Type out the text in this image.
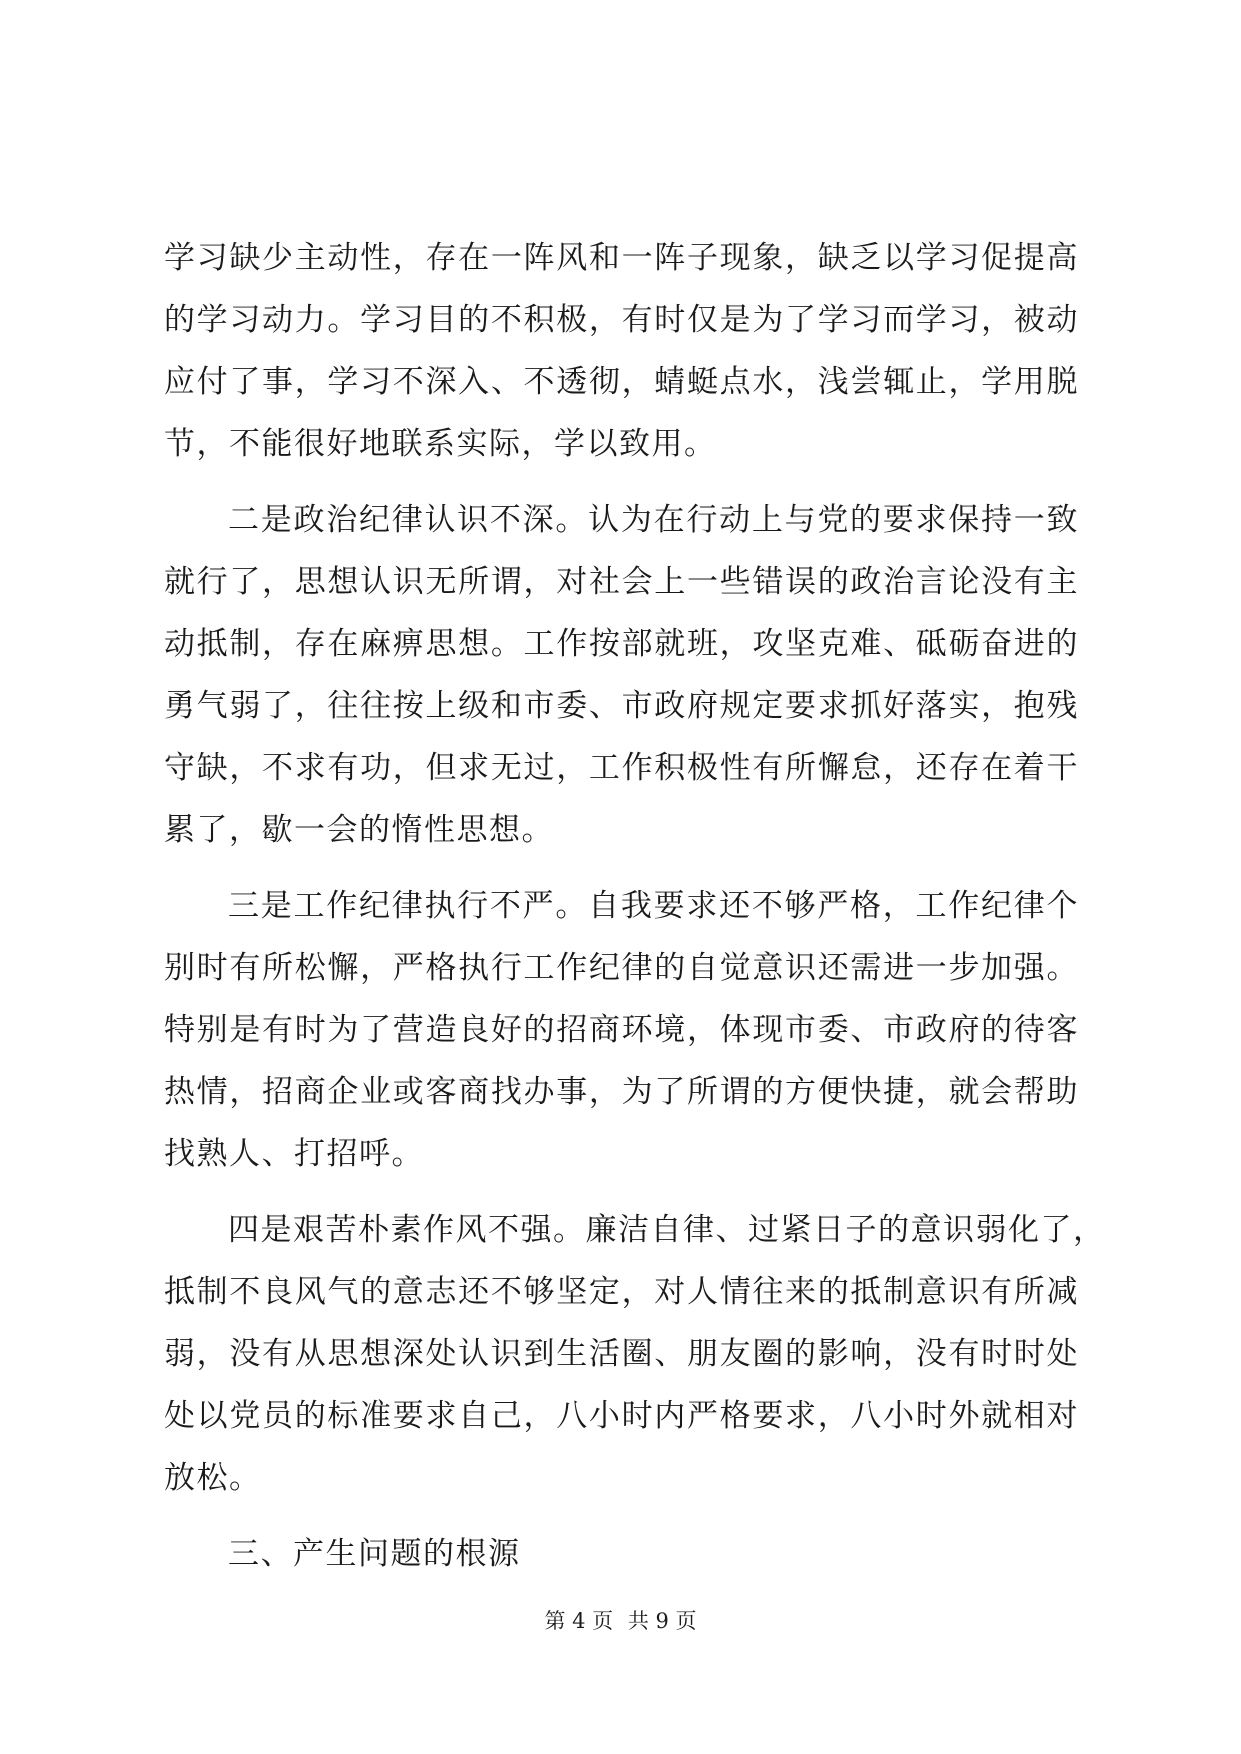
学习缺少主动性，存在一阵风和一阵子现象，缺乏以学习促提高
的学习动力。学习目的不积极，有时仅是为了学习而学习，被动
应付了事，学习不深入、不透彻，蜻蜓点水，浅尝辄止，学用脱
节，不能很好地联系实际，学以致用。
二是政治纪律认识不深。认为在行动上与党的要求保持一致
就行了，思想认识无所谓，对社会上一些错误的政治言论没有主
动抵制，存在麻痹思想。工作按部就班，攻坚克难、砥砺奋进的
勇气弱了，往往按上级和市委、市政府规定要求抓好落实，抱残
守缺，不求有功，但求无过，工作积极性有所懈怠，还存在着干
累了，歇一会的惰性思想。
三是工作纪律执行不严。自我要求还不够严格，工作纪律个
别时有所松懈，严格执行工作纪律的自觉意识还需进一步加强。
特别是有时为了营造良好的招商环境，体现市委、市政府的待客
热情，招商企业或客商找办事，为了所谓的方便快捷，就会帮助
找熟人、打招呼。
四是艰苦朴素作风不强。廉洁自律、过紧日子的意识弱化了，
抵制不良风气的意志还不够坚定，对人情往来的抵制意识有所减
弱，没有从思想深处认识到生活圈、朋友圈的影响，没有时时处
处以党员的标准要求自己，八小时内严格要求，八小时外就相对
放松。
三、产生问题的根源
第 4 页 共 9 页
